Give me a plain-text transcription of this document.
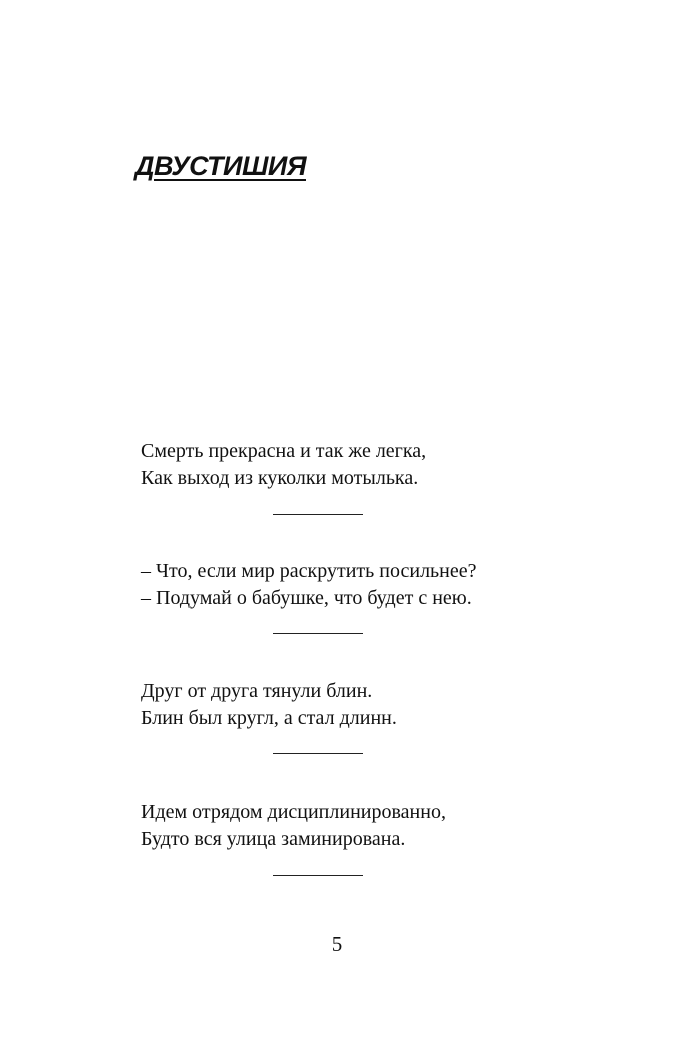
ДВУСТИШИЯ
Смерть прекрасна и так же легка,
Как выход из куколки мотылька.
– Что, если мир раскрутить посильнее?
– Подумай о бабушке, что будет с нею.
Друг от друга тянули блин.
Блин был кругл, а стал длинн.
Идем отрядом дисциплинированно,
Будто вся улица заминирована.
5
